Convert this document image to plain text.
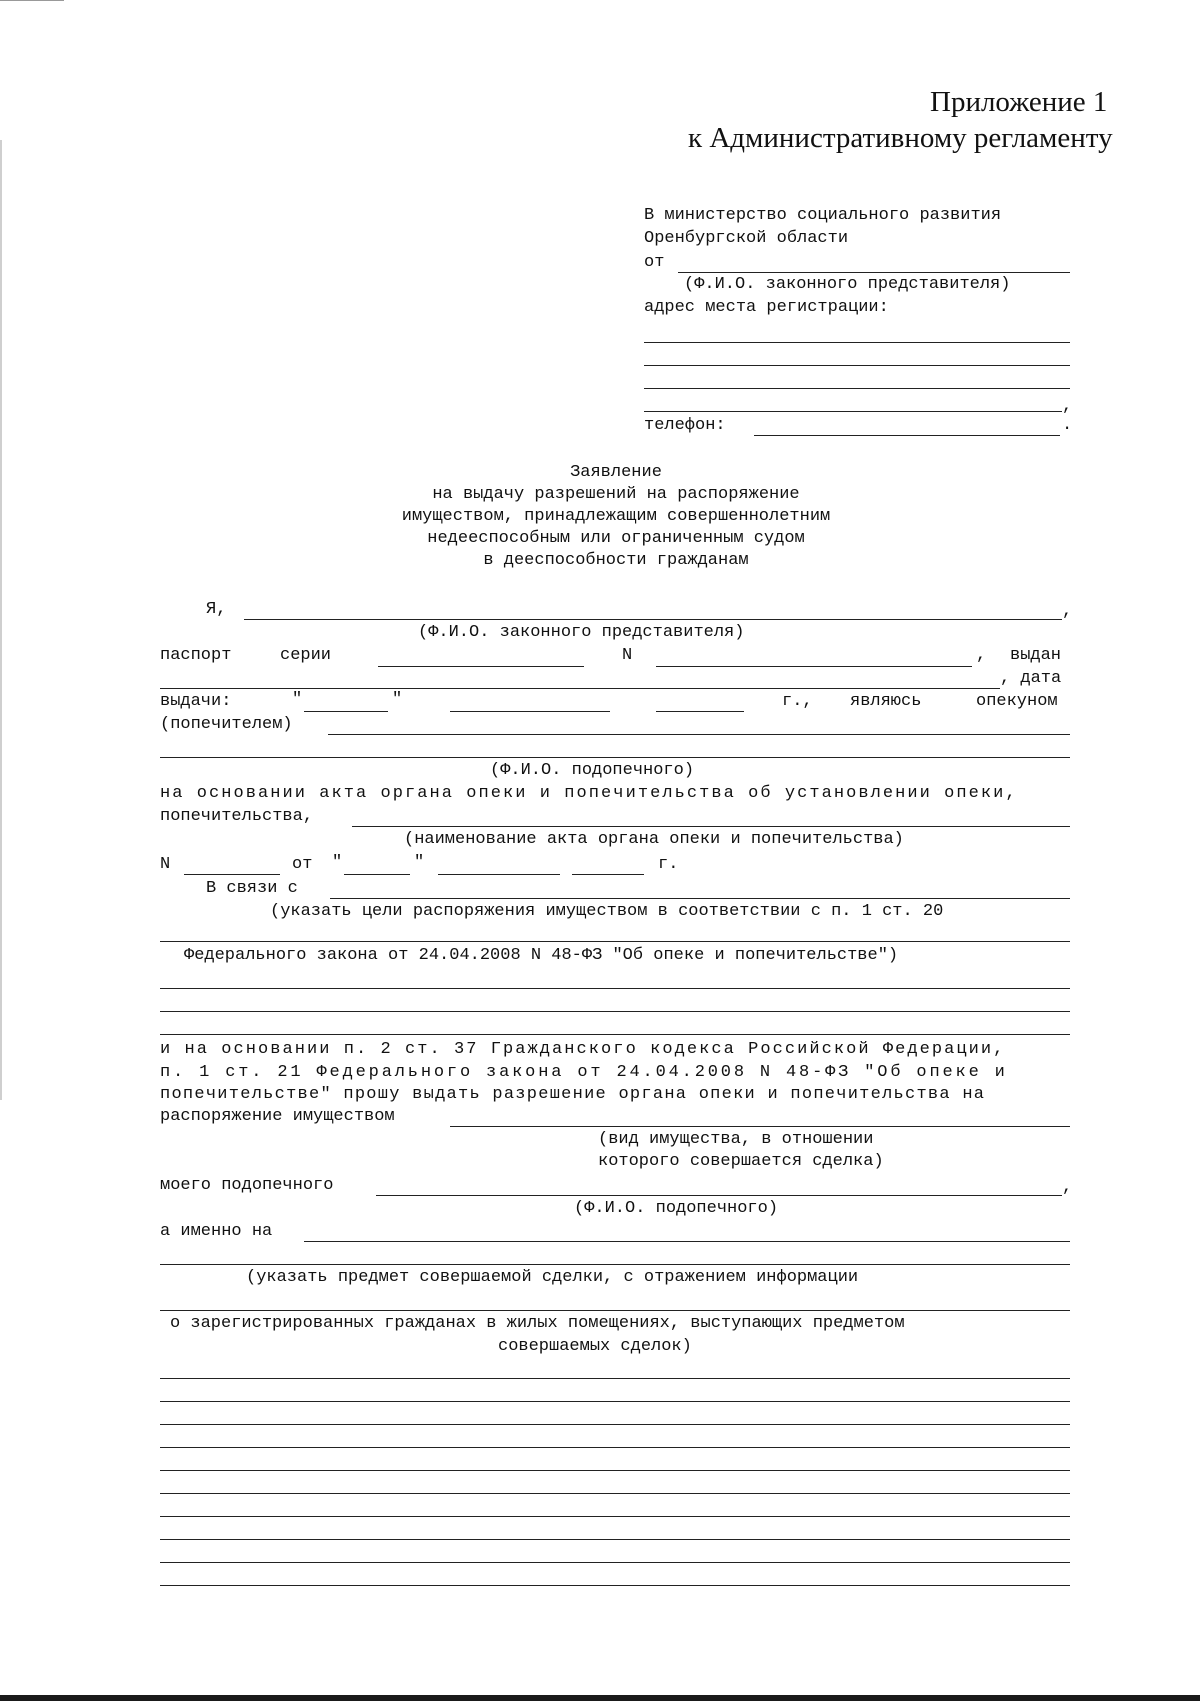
Приложение 1
к Административному регламенту
В министерство социального развития
Оренбургской области
от
(Ф.И.О. законного представителя)
адрес места регистрации:
,
телефон:	.
Заявление
на выдачу разрешений на распоряжение
имуществом, принадлежащим совершеннолетним
недееспособным или ограниченным судом
в дееспособности гражданам
Я,	,
(Ф.И.О. законного представителя)
паспорт	серии	N	, выдан
, дата
выдачи:	"	"	г., являюсь	опекуном
(попечителем)
(Ф.И.О. подопечного)
на основании акта органа опеки и попечительства об установлении опеки,
попечительства,
(наименование акта органа опеки и попечительства)
N	от "	"	г.
В связи с
(указать цели распоряжения имуществом в соответствии с п. 1 ст. 20
Федерального закона от 24.04.2008 N 48-ФЗ "Об опеке и попечительстве")
и на основании п. 2 ст. 37 Гражданского кодекса Российской Федерации,
п. 1 ст. 21 Федерального закона от 24.04.2008 N 48-ФЗ "Об опеке и
попечительстве" прошу выдать разрешение органа опеки и попечительства на
распоряжение имуществом
(вид имущества, в отношении
которого совершается сделка)
моего подопечного	,
(Ф.И.О. подопечного)
а именно на
(указать предмет совершаемой сделки, с отражением информации
о зарегистрированных гражданах в жилых помещениях, выступающих предметом
совершаемых сделок)
